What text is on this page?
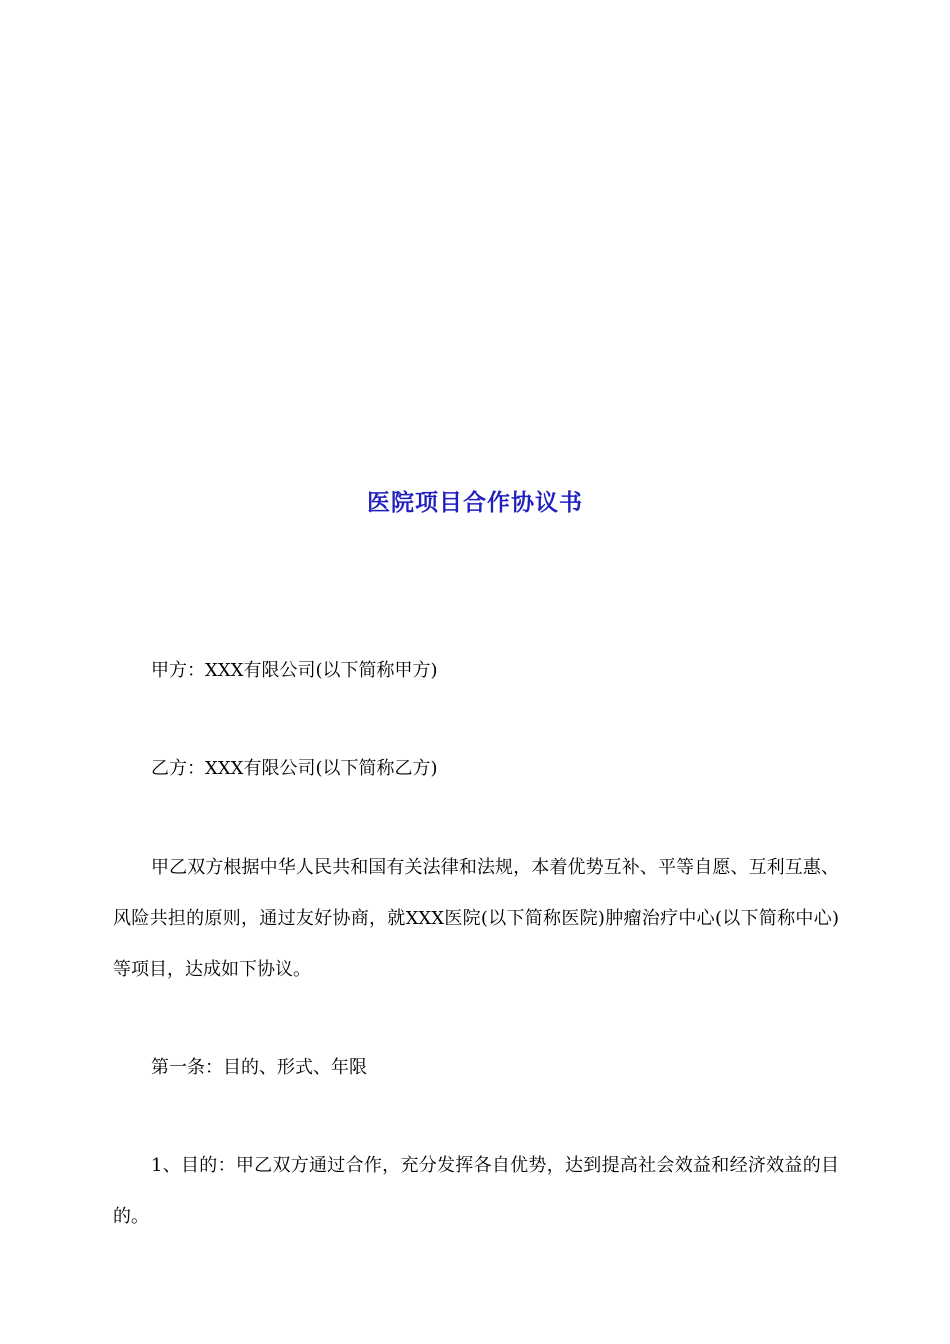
医院项目合作协议书
甲方：XXX有限公司(以下简称甲方)
乙方：XXX有限公司(以下简称乙方)
甲乙双方根据中华人民共和国有关法律和法规，本着优势互补、平等自愿、互利互惠、风险共担的原则，通过友好协商，就XXX医院(以下简称医院)肿瘤治疗中心(以下简称中心)等项目，达成如下协议。
第一条：目的、形式、年限
1、目的：甲乙双方通过合作，充分发挥各自优势，达到提高社会效益和经济效益的目的。
